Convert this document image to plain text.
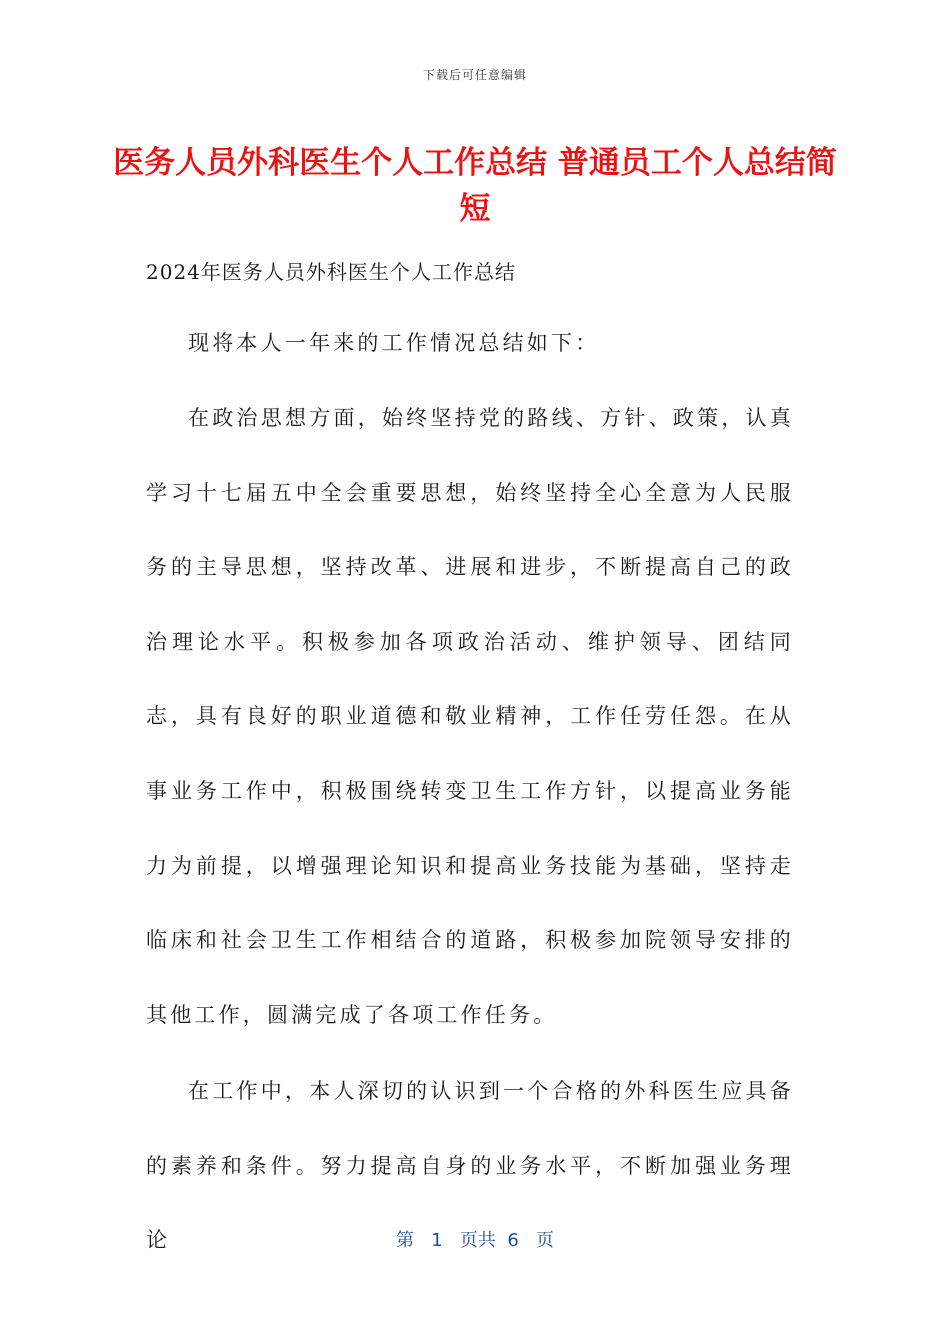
下载后可任意编辑
医务人员外科医生个人工作总结 普通员工个人总结简短

2024年医务人员外科医生个人工作总结

现将本人一年来的工作情况总结如下：

在政治思想方面，始终坚持党的路线、方针、政策，认真学习十七届五中全会重要思想，始终坚持全心全意为人民服务的主导思想，坚持改革、进展和进步，不断提高自己的政治理论水平。积极参加各项政治活动、维护领导、团结同志，具有良好的职业道德和敬业精神，工作任劳任怨。在从事业务工作中，积极围绕转变卫生工作方针，以提高业务能力为前提，以增强理论知识和提高业务技能为基础，坚持走临床和社会卫生工作相结合的道路，积极参加院领导安排的其他工作，圆满完成了各项工作任务。

在工作中，本人深切的认识到一个合格的外科医生应具备的素养和条件。努力提高自身的业务水平，不断加强业务理论	第 1 页共 6 页
